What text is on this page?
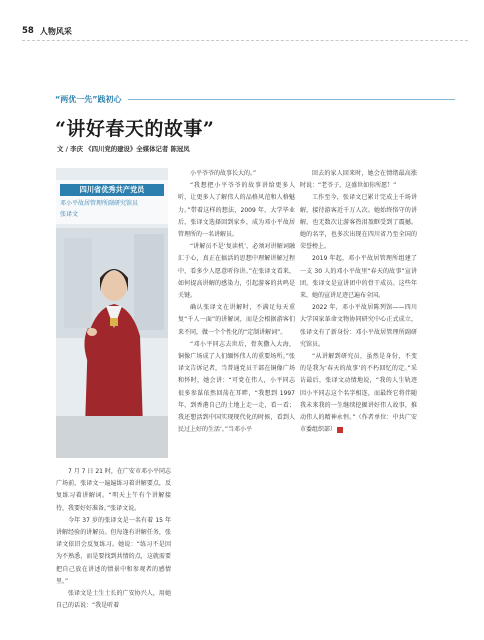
58 人物风采
“两优一先”践初心
“讲好春天的故事”
文 / 李庆 《四川党的建设》全媒体记者 陈冠凤
四川省优秀共产党员
邓小平故居管理所副研究馆员
张译文

7 月 7 日 21 时，在广安市邓小平同志广场前，张译文一遍遍练习着讲解要点，反复练习着讲解词。“明天上午有个讲解接待，我要好好准备。”张译文说。

今年 37 岁的张译文是一名有着 15 年讲解经验的讲解员。但每逢有讲解任务，张译文依旧会反复练习。她说：“练习不是因为不熟悉，而是要找到共情的点，这就需要把自己放在讲述的情景中和参观者的感情里。”

张译文是土生土长的广安协兴人，用她自己的话说：“我是听着

小平爷爷的故事长大的。”

“我想把小平爷爷的故事讲给更多人听，让更多人了解伟人的品格风范和人格魅力。”带着这样的想法，2009 年，大学毕业后，张译文选择回到家乡，成为邓小平故居管理所的一名讲解员。

“讲解员不是‘复读机’，必须对讲解词融汇于心，真正在搞活的思想中理解讲解过程中，看多少人愿意听你讲。”在张译文看来，如何提高讲解的感染力，引起游客的共鸣是关键。

确认张译文在讲解时，不满足每天重复“千人一面”的讲解词，而是会根据游客们来不同，做一个个性化的“定制讲解词”。

“邓小平同志去世后，骨灰撒入大海，铜像广场成了人们缅怀伟人的重要场所。”张译文告诉记者，当普通党员干部在铜像广场和怀时，她会讲：“可党在伟人，小平同志很多参谋依然回荡在耳畔，“我想到 1997 年，到香港自己的土地上走一走，看一看；我还想活到中国实现现代化的时候，看到人民过上好的生活’。”当邓小平

回去的家人回来时，她会在情绪最高涨时说：“老爷子，这盛世如你所愿！”

工作至今，张译文已累计完成上千场讲解，接待游客近千万人次。她始终恪守的讲解，也无数次让游客热泪盈眶受到了震撼。她的名字，也多次出现在四川省乃至全国的荣誉榜上。

2019 年起，邓小平故居管理所组建了一支 30 人的邓小平故里“春天的故事”宣讲团，张译文是宣讲团中的骨干成员。这些年来，她的宣讲足迹已遍布全国。

2022 年，邓小平故居陈列馆——四川大学国家革命文物协同研究中心正式成立，张译文有了新身份：邓小平故居管理所副研究馆员。

“从讲解到研究员，虽然是身份，不变的是我为‘春天的故事’的不朽回忆的定。”采访最后，张译文动情地说，“我的人生轨迹因小平同志这个名字相连，而最终它将伴随我未来我的一生继续挖掘讲好伟人故事，推动伟人的精神永恒。”（作者单位：中共广安市委组织部）
